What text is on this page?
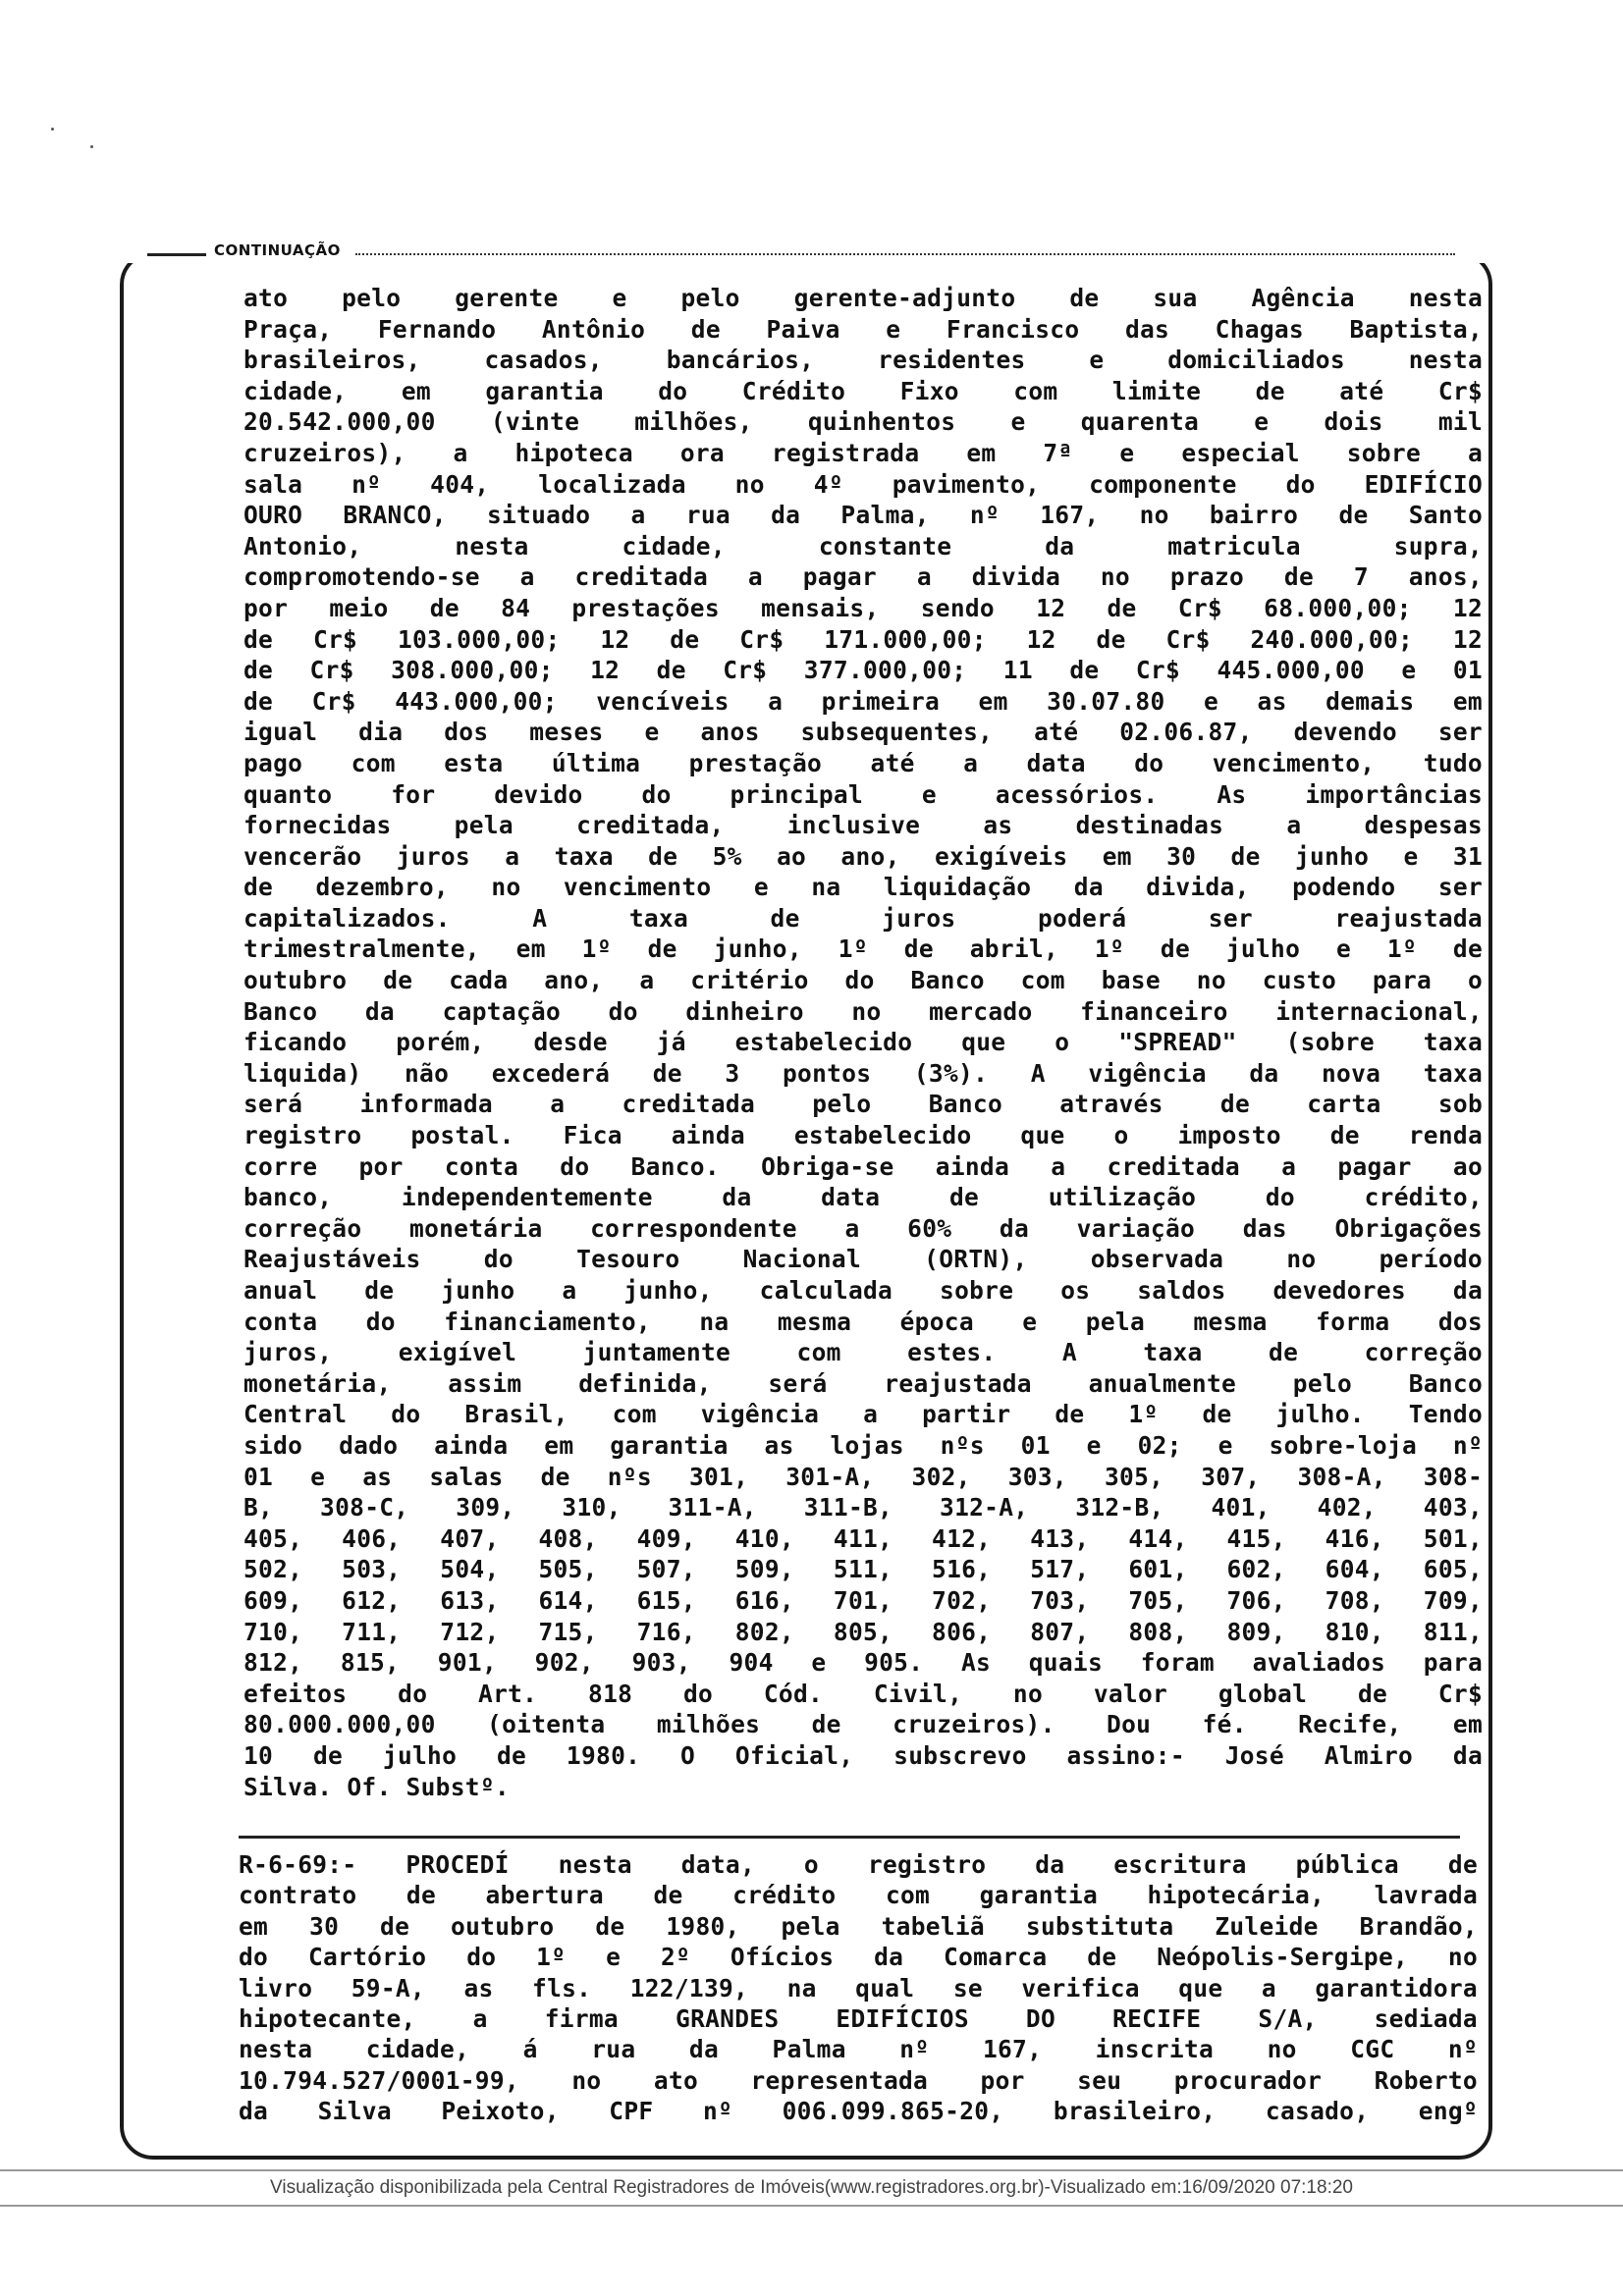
CONTINUAÇÃO
ato pelo gerente e pelo gerente-adjunto de sua Agência nesta
Praça, Fernando Antônio de Paiva e Francisco das Chagas Baptista,
brasileiros, casados, bancários, residentes e domiciliados nesta
cidade, em garantia do Crédito Fixo com limite de até Cr$
20.542.000,00 (vinte milhões, quinhentos e quarenta e dois mil
cruzeiros), a hipoteca ora registrada em 7ª e especial sobre a
sala nº 404, localizada no 4º pavimento, componente do EDIFÍCIO
OURO BRANCO, situado a rua da Palma, nº 167, no bairro de Santo
Antonio, nesta cidade, constante da matricula supra,
compromotendo-se a creditada a pagar a divida no prazo de 7 anos,
por meio de 84 prestações mensais, sendo 12 de Cr$ 68.000,00; 12
de Cr$ 103.000,00; 12 de Cr$ 171.000,00; 12 de Cr$ 240.000,00; 12
de Cr$ 308.000,00; 12 de Cr$ 377.000,00; 11 de Cr$ 445.000,00 e 01
de Cr$ 443.000,00; vencíveis a primeira em 30.07.80 e as demais em
igual dia dos meses e anos subsequentes, até 02.06.87, devendo ser
pago com esta última prestação até a data do vencimento, tudo
quanto for devido do principal e acessórios. As importâncias
fornecidas pela creditada, inclusive as destinadas a despesas
vencerão juros a taxa de 5% ao ano, exigíveis em 30 de junho e 31
de dezembro, no vencimento e na liquidação da divida, podendo ser
capitalizados. A taxa de juros poderá ser reajustada
trimestralmente, em 1º de junho, 1º de abril, 1º de julho e 1º de
outubro de cada ano, a critério do Banco com base no custo para o
Banco da captação do dinheiro no mercado financeiro internacional,
ficando porém, desde já estabelecido que o "SPREAD" (sobre taxa
liquida) não excederá de 3 pontos (3%). A vigência da nova taxa
será informada a creditada pelo Banco através de carta sob
registro postal. Fica ainda estabelecido que o imposto de renda
corre por conta do Banco. Obriga-se ainda a creditada a pagar ao
banco, independentemente da data de utilização do crédito,
correção monetária correspondente a 60% da variação das Obrigações
Reajustáveis do Tesouro Nacional (ORTN), observada no período
anual de junho a junho, calculada sobre os saldos devedores da
conta do financiamento, na mesma época e pela mesma forma dos
juros, exigível juntamente com estes. A taxa de correção
monetária, assim definida, será reajustada anualmente pelo Banco
Central do Brasil, com vigência a partir de 1º de julho. Tendo
sido dado ainda em garantia as lojas nºs 01 e 02; e sobre-loja nº
01 e as salas de nºs 301, 301-A, 302, 303, 305, 307, 308-A, 308-
B, 308-C, 309, 310, 311-A, 311-B, 312-A, 312-B, 401, 402, 403,
405, 406, 407, 408, 409, 410, 411, 412, 413, 414, 415, 416, 501,
502, 503, 504, 505, 507, 509, 511, 516, 517, 601, 602, 604, 605,
609, 612, 613, 614, 615, 616, 701, 702, 703, 705, 706, 708, 709,
710, 711, 712, 715, 716, 802, 805, 806, 807, 808, 809, 810, 811,
812, 815, 901, 902, 903, 904 e 905. As quais foram avaliados para
efeitos do Art. 818 do Cód. Civil, no valor global de Cr$
80.000.000,00 (oitenta milhões de cruzeiros). Dou fé. Recife, em
10 de julho de 1980. O Oficial, subscrevo assino:- José Almiro da
Silva. Of. Substº.
R-6-69:- PROCEDÍ nesta data, o registro da escritura pública de
contrato de abertura de crédito com garantia hipotecária, lavrada
em 30 de outubro de 1980, pela tabeliã substituta Zuleide Brandão,
do Cartório do 1º e 2º Ofícios da Comarca de Neópolis-Sergipe, no
livro 59-A, as fls. 122/139, na qual se verifica que a garantidora
hipotecante, a firma GRANDES EDIFÍCIOS DO RECIFE S/A, sediada
nesta cidade, á rua da Palma nº 167, inscrita no CGC nº
10.794.527/0001-99, no ato representada por seu procurador Roberto
da Silva Peixoto, CPF nº 006.099.865-20, brasileiro, casado, engº
Visualização disponibilizada pela Central Registradores de Imóveis(www.registradores.org.br)-Visualizado em:16/09/2020 07:18:20
